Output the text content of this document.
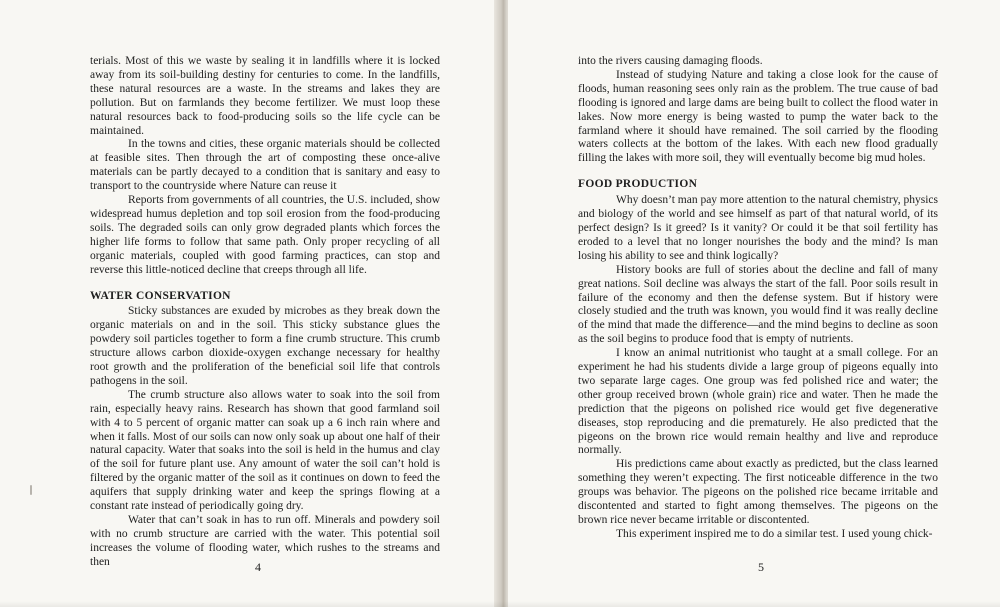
terials. Most of this we waste by sealing it in landfills where it is locked away from its soil-building destiny for centuries to come. In the landfills, these natural resources are a waste. In the streams and lakes they are pollution. But on farmlands they become fertilizer. We must loop these natural resources back to food-producing soils so the life cycle can be maintained.

In the towns and cities, these organic materials should be collected at feasible sites. Then through the art of composting these once-alive materials can be partly decayed to a condition that is sanitary and easy to transport to the countryside where Nature can reuse it

Reports from governments of all countries, the U.S. included, show widespread humus depletion and top soil erosion from the food-producing soils. The degraded soils can only grow degraded plants which forces the higher life forms to follow that same path. Only proper recycling of all organic materials, coupled with good farming practices, can stop and reverse this little-noticed decline that creeps through all life.

WATER CONSERVATION

Sticky substances are exuded by microbes as they break down the organic materials on and in the soil. This sticky substance glues the powdery soil particles together to form a fine crumb structure. This crumb structure allows carbon dioxide-oxygen exchange necessary for healthy root growth and the proliferation of the beneficial soil life that controls pathogens in the soil.

The crumb structure also allows water to soak into the soil from rain, especially heavy rains. Research has shown that good farmland soil with 4 to 5 percent of organic matter can soak up a 6 inch rain where and when it falls. Most of our soils can now only soak up about one half of their natural capacity. Water that soaks into the soil is held in the humus and clay of the soil for future plant use. Any amount of water the soil can’t hold is filtered by the organic matter of the soil as it continues on down to feed the aquifers that supply drinking water and keep the springs flowing at a constant rate instead of periodically going dry.

Water that can’t soak in has to run off. Minerals and powdery soil with no crumb structure are carried with the water. This potential soil increases the volume of flooding water, which rushes to the streams and then	4

into the rivers causing damaging floods.

Instead of studying Nature and taking a close look for the cause of floods, human reasoning sees only rain as the problem. The true cause of bad flooding is ignored and large dams are being built to collect the flood water in lakes. Now more energy is being wasted to pump the water back to the farmland where it should have remained. The soil carried by the flooding waters collects at the bottom of the lakes. With each new flood gradually filling the lakes with more soil, they will eventually become big mud holes.

FOOD PRODUCTION

Why doesn’t man pay more attention to the natural chemistry, physics and biology of the world and see himself as part of that natural world, of its perfect design? Is it greed? Is it vanity? Or could it be that soil fertility has eroded to a level that no longer nourishes the body and the mind? Is man losing his ability to see and think logically?

History books are full of stories about the decline and fall of many great nations. Soil decline was always the start of the fall. Poor soils result in failure of the economy and then the defense system. But if history were closely studied and the truth was known, you would find it was really decline of the mind that made the difference—and the mind begins to decline as soon as the soil begins to produce food that is empty of nutrients.

I know an animal nutritionist who taught at a small college. For an experiment he had his students divide a large group of pigeons equally into two separate large cages. One group was fed polished rice and water; the other group received brown (whole grain) rice and water. Then he made the prediction that the pigeons on polished rice would get five degenerative diseases, stop reproducing and die prematurely. He also predicted that the pigeons on the brown rice would remain healthy and live and reproduce normally.

His predictions came about exactly as predicted, but the class learned something they weren’t expecting. The first noticeable difference in the two groups was behavior. The pigeons on the polished rice became irritable and discontented and started to fight among themselves. The pigeons on the brown rice never became irritable or discontented.

This experiment inspired me to do a similar test. I used young chick-

5
